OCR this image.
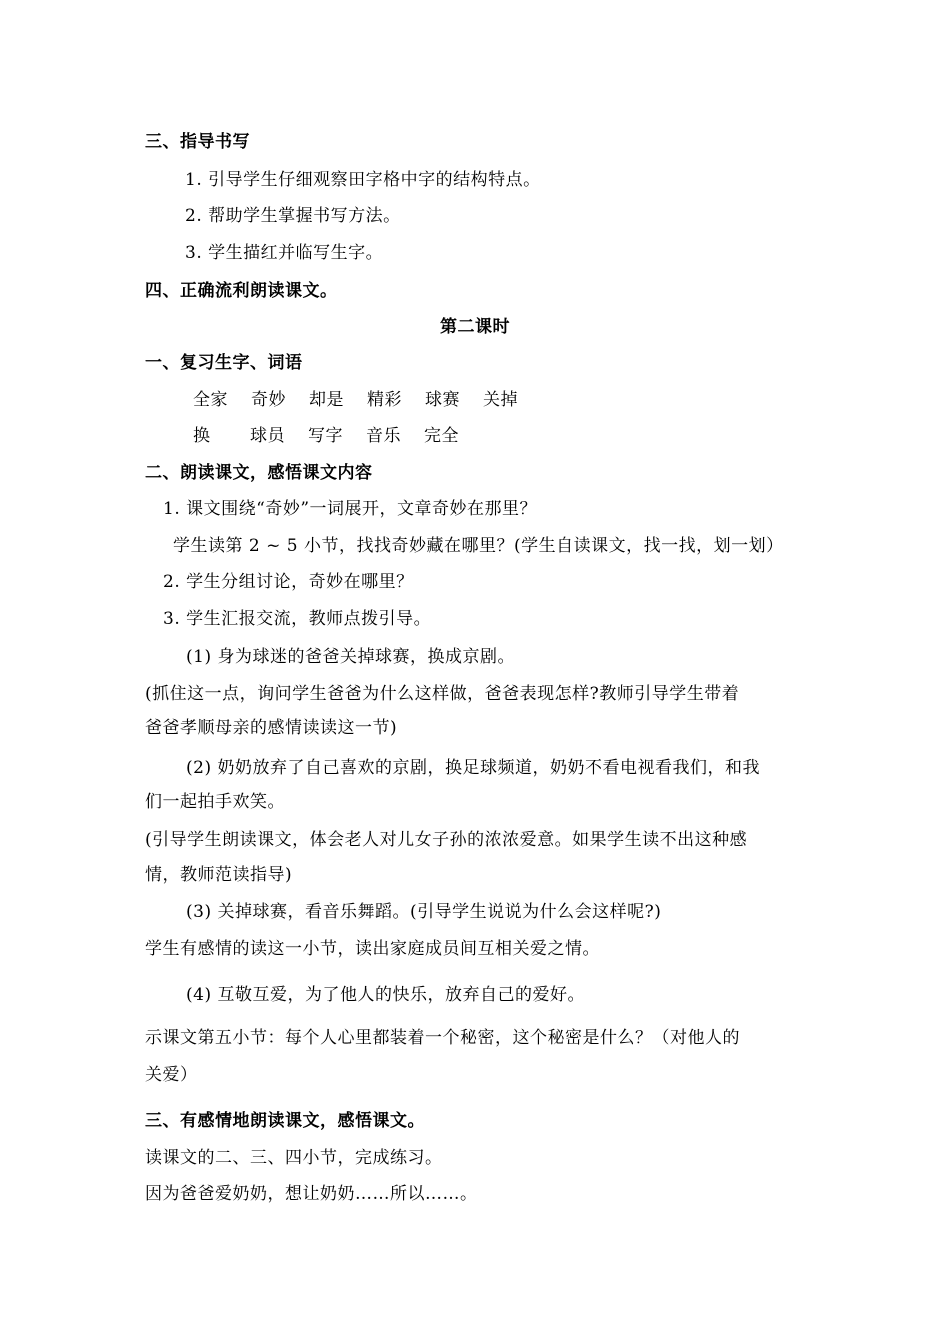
三、指导书写
1. 引导学生仔细观察田字格中字的结构特点。
2. 帮助学生掌握书写方法。
3. 学生描红并临写生字。
四、正确流利朗读课文。
第二课时
一、复习生字、词语
全家 奇妙 却是 精彩 球赛 关掉
换 球员 写字 音乐 完全
二、朗读课文，感悟课文内容
1. 课文围绕“奇妙”一词展开，文章奇妙在那里？
学生读第 2 ~ 5 小节，找找奇妙藏在哪里？(学生自读课文，找一找，划一划）
2. 学生分组讨论，奇妙在哪里？
3. 学生汇报交流，教师点拨引导。
(1) 身为球迷的爸爸关掉球赛，换成京剧。
(抓住这一点，询问学生爸爸为什么这样做，爸爸表现怎样?教师引导学生带着
爸爸孝顺母亲的感情读读这一节)
(2) 奶奶放弃了自己喜欢的京剧，换足球频道，奶奶不看电视看我们，和我
们一起拍手欢笑。
(引导学生朗读课文，体会老人对儿女子孙的浓浓爱意。如果学生读不出这种感
情，教师范读指导)
(3) 关掉球赛，看音乐舞蹈。(引导学生说说为什么会这样呢?)
学生有感情的读这一小节，读出家庭成员间互相关爱之情。
(4) 互敬互爱，为了他人的快乐，放弃自己的爱好。
示课文第五小节：每个人心里都装着一个秘密，这个秘密是什么？（对他人的
关爱）
三、有感情地朗读课文，感悟课文。
读课文的二、三、四小节，完成练习。
因为爸爸爱奶奶，想让奶奶……所以……。
